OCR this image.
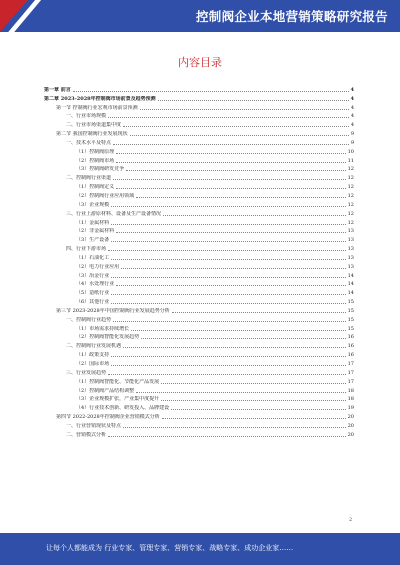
控制阀企业本地营销策略研究报告
内容目录
第一章 前言	4
第二章 2023-2028年控制阀市场前景及趋势预测	4
第一节 控制阀行业宏观市场前景预测	4
一、行业市场规模	4
二、行业市场渠道集中度	4
第二节 我国控制阀行业发展现状	9
一、技术水平及特点	9
（1）控制阀原理	10
（2）控制阀市场	11
（3）控制阀研发竞争	12
二、控制阀行业渠道	12
（1）控制阀定义	12
（2）控制阀行业应用领域	12
（3）企业规模	12
三、行业上游原材料、设备及生产设备情况	12
（1）金属材料	12
（2）非金属材料	13
（3）生产设备	13
四、行业下游市场	13
（1）石油化工	13
（2）电力行业应用	13
（3）冶金行业	14
（4）水处理行业	14
（5）造纸行业	14
（6）其他行业	15
第三节 2023-2028年中国控制阀行业发展趋势分析	15
一、控制阀行业趋势	15
（1）市场需求持续增长	15
（2）控制阀智能化发展趋势	16
二、控制阀行业发展机遇	16
（1）政策支持	16
（2）国际市场	17
三、行业发展趋势	17
（1）控制阀智能化、节能化产品发展	17
（2）控制阀产品结构调整	18
（3）企业规模扩张，产业集中度提升	18
（4）行业技术创新、研发投入、品牌建设	19
第四节 2022-2028年控制阀企业营销模式分析	20
一、行业营销现状及特点	20
二、营销模式分析	20
2
让每个人都能成为 行业专家、管理专家、营销专家、战略专家、成功企业家……
